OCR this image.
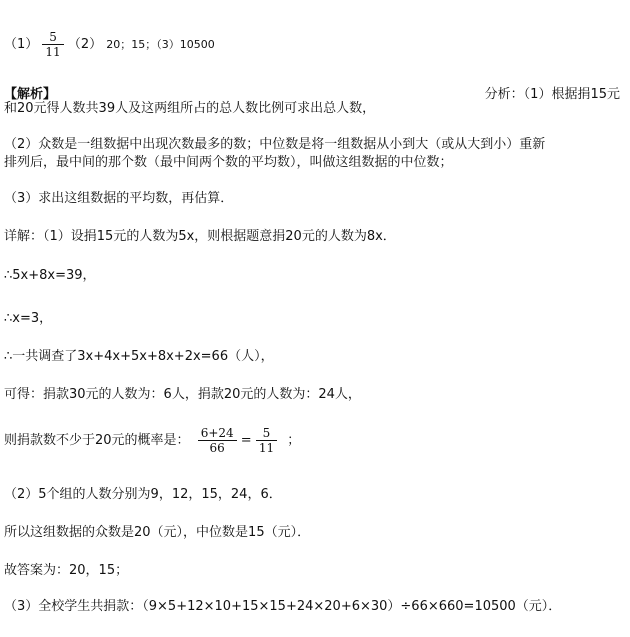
$(1) \frac{5}{11} (2)$ 20；15；（3）10500
【解析】	分析：（1）根据捐15元
和20元得人数共39人及这两组所占的总人数比例可求出总人数，
（2）众数是一组数据中出现次数最多的数；中位数是将一组数据从小到大（或从大到小）重新
排列后，最中间的那个数（最中间两个数的平均数），叫做这组数据的中位数；
（3）求出这组数据的平均数，再估算．
详解：（1）设捐15元的人数为5x，则根据题意捐20元的人数为8x．
∴5x+8x=39，
∴x=3，
∴一共调查了3x+4x+5x+8x+2x=66（人），
可得：捐款30元的人数为：6人，捐款20元的人数为：24人，
则捐款数不少于20元的概率是： $\frac{6+24}{66} = \frac{5}{11}$ ；
（2）5个组的人数分别为9，12，15，24，6．
所以这组数据的众数是20（元），中位数是15（元）．
故答案为：20，15；
（3）全校学生共捐款：（9×5+12×10+15×15+24×20+6×30）÷66×660=10500（元）．
